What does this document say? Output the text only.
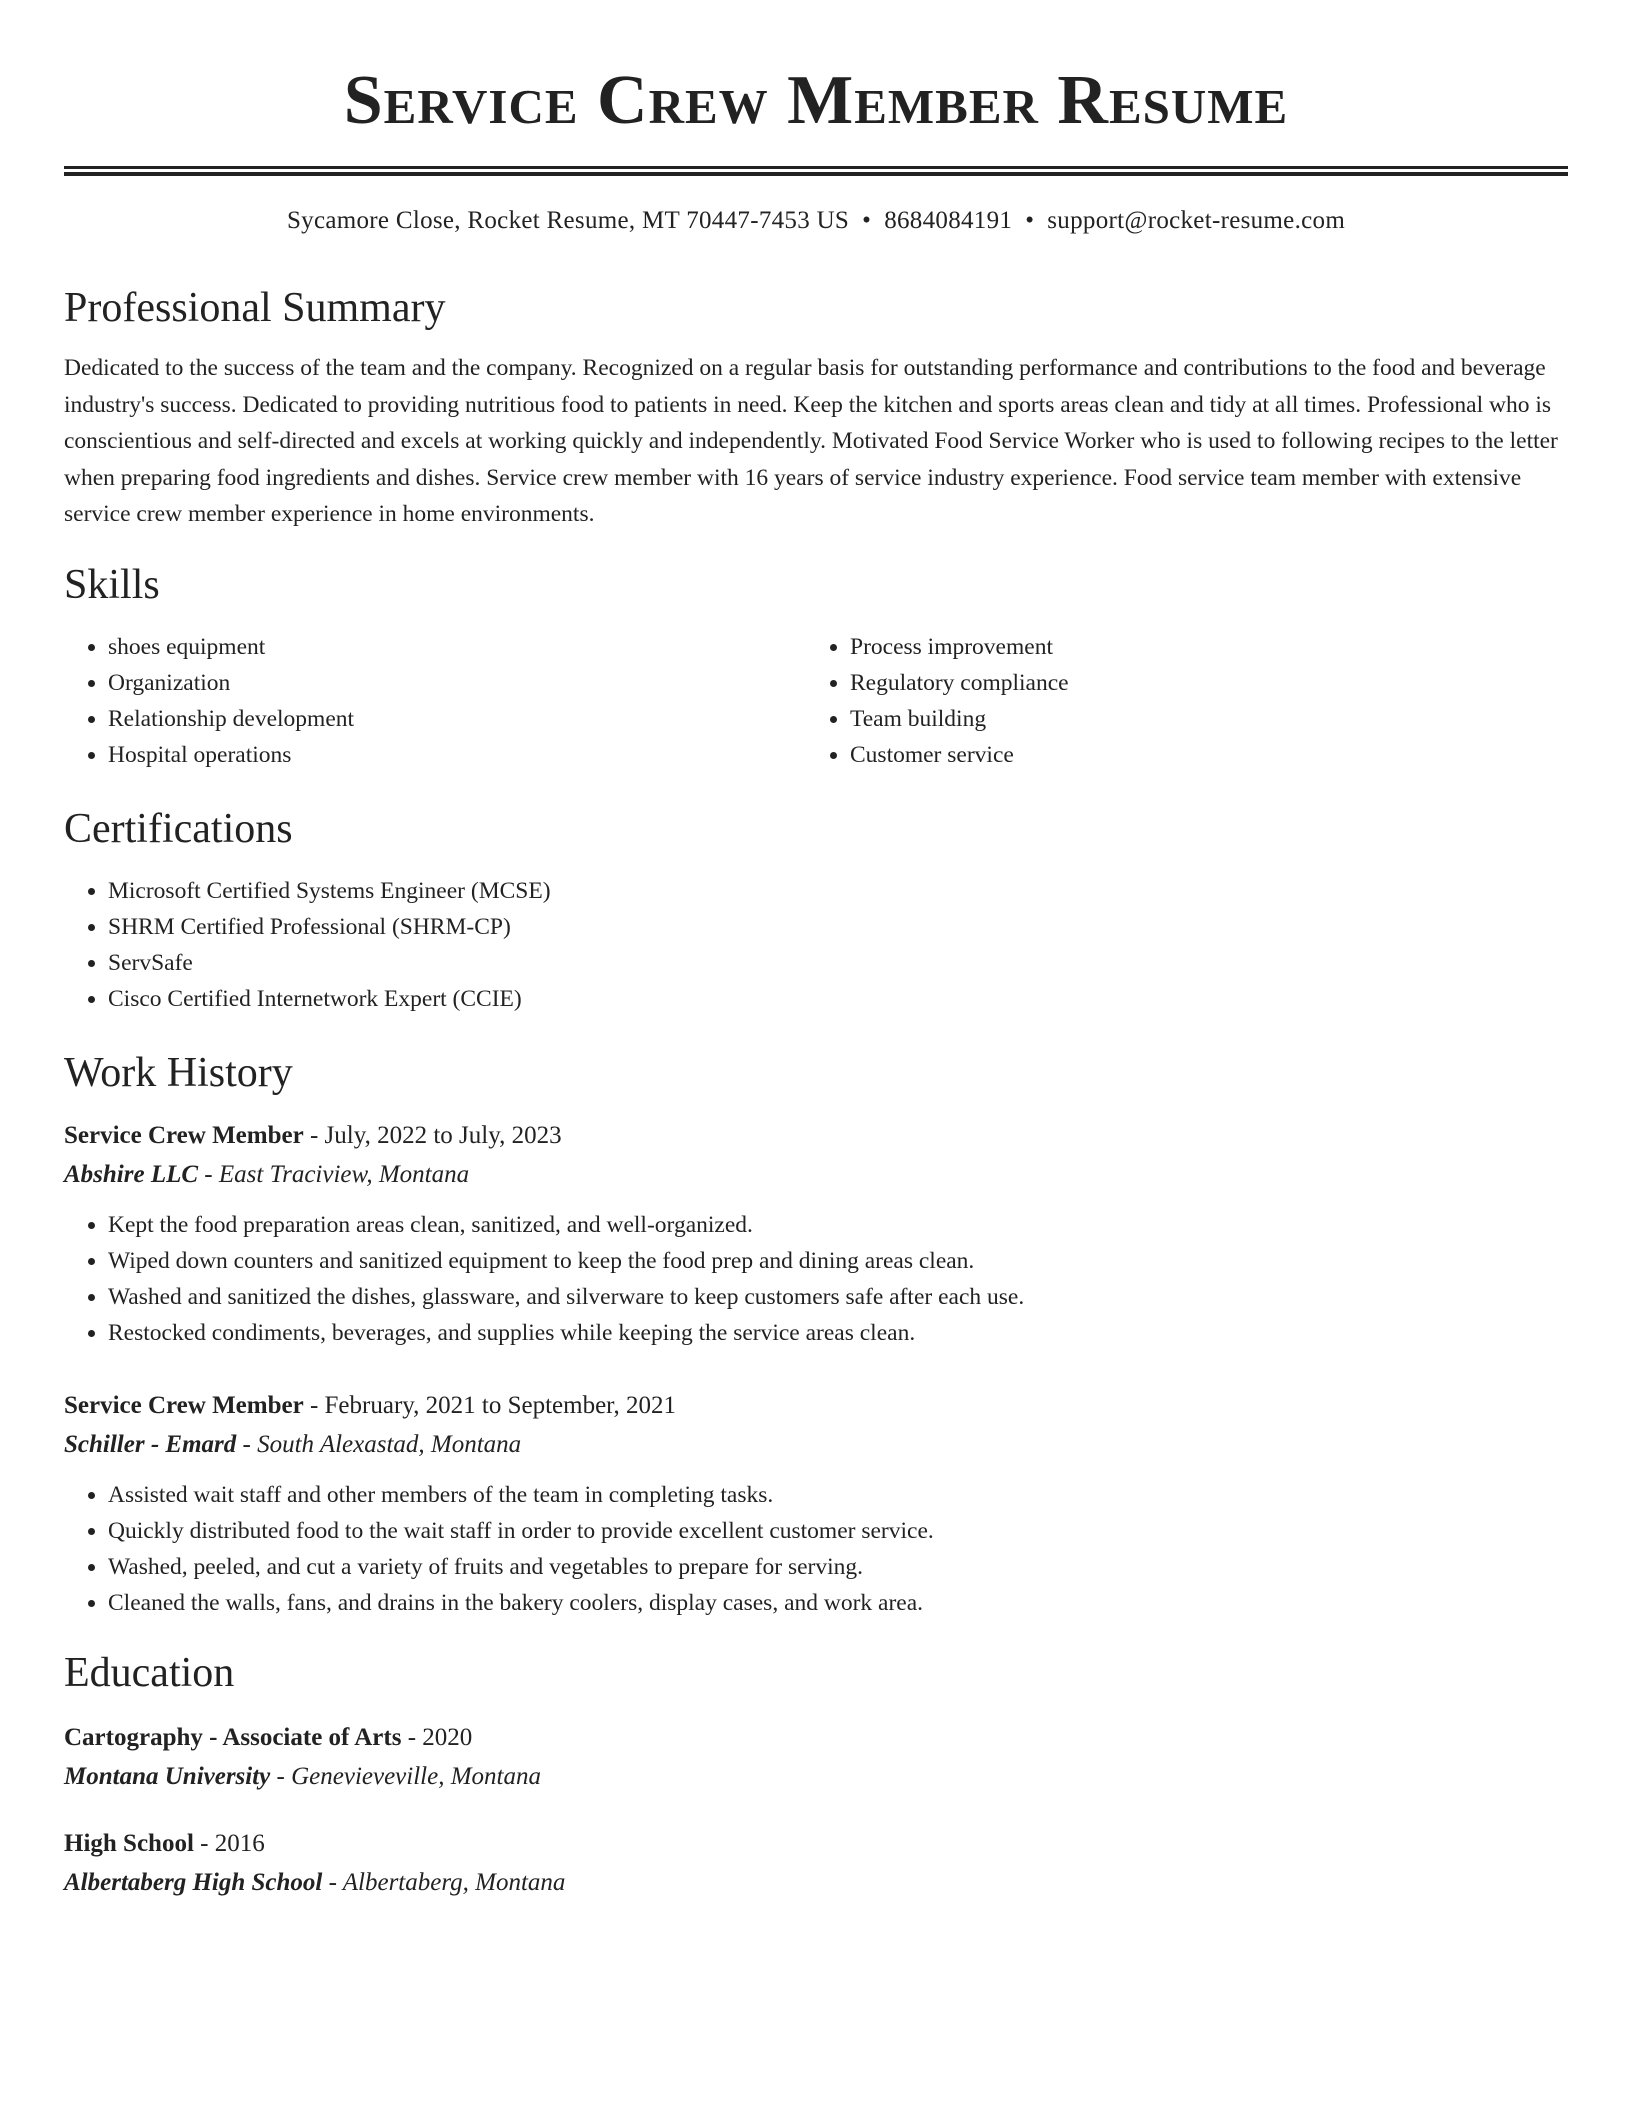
Service Crew Member Resume
Sycamore Close, Rocket Resume, MT 70447-7453 US • 8684084191 • support@rocket-resume.com
Professional Summary

Dedicated to the success of the team and the company. Recognized on a regular basis for outstanding performance and contributions to the food and beverage industry's success. Dedicated to providing nutritious food to patients in need. Keep the kitchen and sports areas clean and tidy at all times. Professional who is conscientious and self-directed and excels at working quickly and independently. Motivated Food Service Worker who is used to following recipes to the letter when preparing food ingredients and dishes. Service crew member with 16 years of service industry experience. Food service team member with extensive service crew member experience in home environments.

Skills
• shoes equipment
• Organization
• Relationship development
• Hospital operations
• Process improvement
• Regulatory compliance
• Team building
• Customer service
Certifications
• Microsoft Certified Systems Engineer (MCSE)
• SHRM Certified Professional (SHRM-CP)
• ServSafe
• Cisco Certified Internetwork Expert (CCIE)
Work History
Service Crew Member - July, 2022 to July, 2023
Abshire LLC - East Traciview, Montana
• Kept the food preparation areas clean, sanitized, and well-organized.
• Wiped down counters and sanitized equipment to keep the food prep and dining areas clean.
• Washed and sanitized the dishes, glassware, and silverware to keep customers safe after each use.
• Restocked condiments, beverages, and supplies while keeping the service areas clean.
Service Crew Member - February, 2021 to September, 2021
Schiller - Emard - South Alexastad, Montana
• Assisted wait staff and other members of the team in completing tasks.
• Quickly distributed food to the wait staff in order to provide excellent customer service.
• Washed, peeled, and cut a variety of fruits and vegetables to prepare for serving.
• Cleaned the walls, fans, and drains in the bakery coolers, display cases, and work area.
Education
Cartography - Associate of Arts - 2020
Montana University - Genevieveville, Montana
High School - 2016
Albertaberg High School - Albertaberg, Montana
